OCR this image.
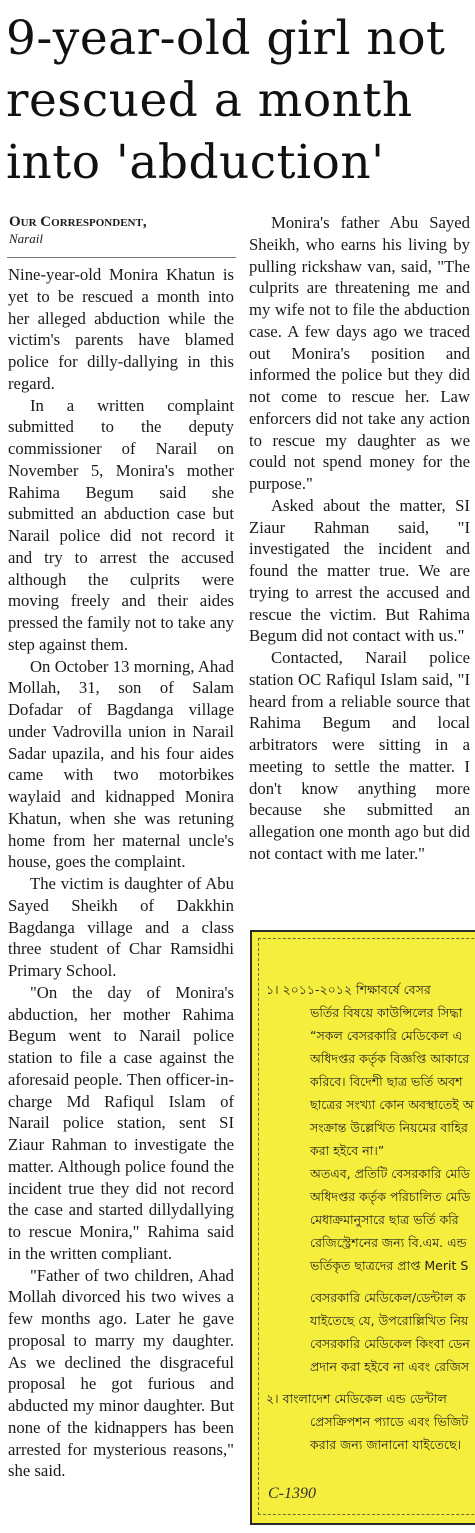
9-year-old girl not
rescued a month
into 'abduction'
Our Correspondent,
Narail

Nine-year-old Monira Khatun is yet to be rescued a month into her alleged abduction while the victim's parents have blamed police for dilly-dallying in this regard.

In a written complaint submitted to the deputy commissioner of Narail on November 5, Monira's mother Rahima Begum said she submitted an abduction case but Narail police did not record it and try to arrest the accused although the culprits were moving freely and their aides pressed the family not to take any step against them.

On October 13 morning, Ahad Mollah, 31, son of Salam Dofadar of Bagdanga village under Vadrovilla union in Narail Sadar upazila, and his four aides came with two motorbikes waylaid and kidnapped Monira Khatun, when she was retuning home from her maternal uncle's house, goes the complaint.

The victim is daughter of Abu Sayed Sheikh of Dakkhin Bagdanga village and a class three student of Char Ramsidhi Primary School.

"On the day of Monira's abduction, her mother Rahima Begum went to Narail police station to file a case against the aforesaid people. Then officer-in-charge Md Rafiqul Islam of Narail police station, sent SI Ziaur Rahman to investigate the matter. Although police found the incident true they did not record the case and started dillydallying to rescue Monira," Rahima said in the written compliant.

"Father of two children, Ahad Mollah divorced his two wives a few months ago. Later he gave proposal to marry my daughter. As we declined the disgraceful proposal he got furious and abducted my minor daughter. But none of the kidnappers has been arrested for mysterious reasons," she said.

Monira's father Abu Sayed Sheikh, who earns his living by pulling rickshaw van, said, "The culprits are threatening me and my wife not to file the abduction case. A few days ago we traced out Monira's position and informed the police but they did not come to rescue her. Law enforcers did not take any action to rescue my daughter as we could not spend money for the purpose."

Asked about the matter, SI Ziaur Rahman said, "I investigated the incident and found the matter true. We are trying to arrest the accused and rescue the victim. But Rahima Begum did not contact with us."

Contacted, Narail police station OC Rafiqul Islam said, "I heard from a reliable source that Rahima Begum and local arbitrators were sitting in a meeting to settle the matter. I don't know anything more because she submitted an allegation one month ago but did not contact with me later."

১। ২০১১-২০১২ শিক্ষাবর্ষে বেসর
ভর্তির বিষয়ে কাউন্সিলের সিদ্ধা
“সকল বেসরকারি মেডিকেল এ
অধিদপ্তর কর্তৃক বিজ্ঞপ্তি আকারে
করিবে। বিদেশী ছাত্র ভর্তি অবশ
ছাত্রের সংখ্যা কোন অবস্থাতেই অ
সংক্রান্ত উল্লেখিত নিয়মের বাহির
করা হইবে না।”
অতএব, প্রতিটি বেসরকারি মেডি
অধিদপ্তর কর্তৃক পরিচালিত মেডি
মেধাক্রমানুসারে ছাত্র ভর্তি করি
রেজিস্ট্রেশনের জন্য বি.এম. এন্ড
ভর্তিকৃত ছাত্রদের প্রাপ্ত Merit S
বেসরকারি মেডিকেল/ডেন্টাল ক
যাইতেছে যে, উপরোল্লিখিত নিয়
বেসরকারি মেডিকেল কিংবা ডেন
প্রদান করা হইবে না এবং রেজিস
২। বাংলাদেশ মেডিকেল এন্ড ডেন্টাল
প্রেসক্রিপশন প্যাডে এবং ভিজিট
করার জন্য জানানো যাইতেছে।
C-1390
